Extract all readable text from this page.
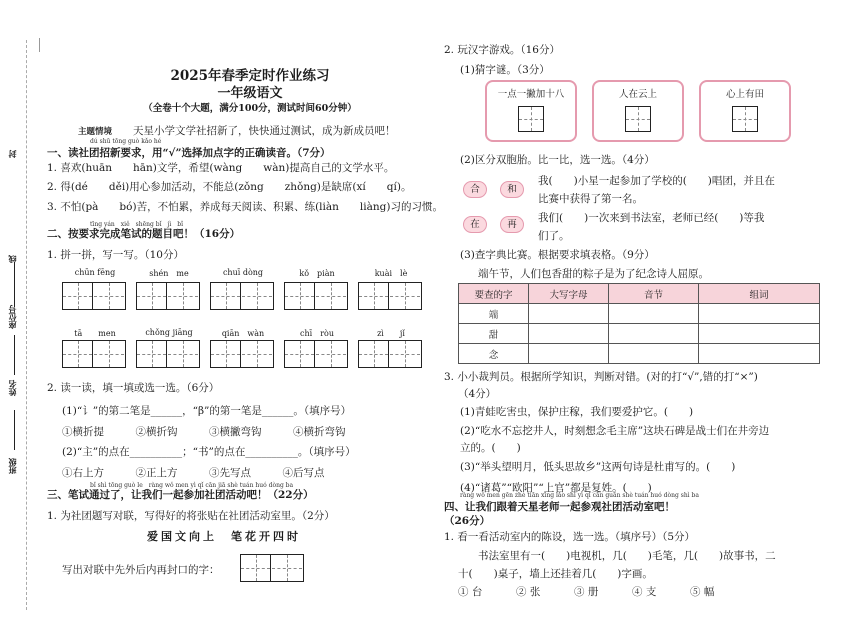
封
线
座位号
姓名
班级
2025年春季定时作业练习
一年级语文
（全卷十个大题，满分100分，测试时间60分钟）
主题情境 天星小学文学社招新了，快快通过测试，成为新成员吧！
dú shū tōng guò kǎo hé
一、读社团招新要求，用“√”选择加点字的正确读音。（7分）
1. 喜欢(huān　　hān)文学，希望(wàng　　wàn)提高自己的文学水平。
2. 得(dé　　děi)用心参加活动，不能总(zǒng　　zhǒng)是缺席(xí　　qí)。
3. 不怕(pà　　bó)苦，不怕累，养成每天阅读、积累、练(liàn　　liàng)习的习惯。
tīng yán　xiě　shēng bǐ　jì　bǐ
二、按要求完成笔试的题目吧！（16分）
1. 拼一拼，写一写。（10分）
chūn fēng	shén　me	chuī dòng	kǒ　piàn	kuài　lè
tā　　men	chǒng jiāng	qiān　wàn	chī　ròu	zì　　jǐ
2. 读一读，填一填或选一选。（6分）
(1)“讠”的第二笔是______，“β”的第一笔是______。（填序号）
①横折提　　　②横折钩　　　③横撇弯钩　　　④横折弯钩
(2)“主”的点在__________；“书”的点在__________。（填序号）
①右上方　　　②正上方　　　③先写点　　　④后写点
bǐ shì tōng guò le　ràng wǒ men yì qǐ cān jiā shè tuán huó dòng ba
三、笔试通过了，让我们一起参加社团活动吧！（22分）
1. 为社团题写对联，写得好的将张贴在社团活动室里。（2分）
爱国文向上　笔花开四时
写出对联中先外后内再封口的字：
2. 玩汉字游戏。（16分）
(1)猜字谜。（3分）
一点一撇加十八	人在云上	心上有田
(2)区分双胞胎。比一比，选一选。（4分）
合	和
我(　　)小星一起参加了学校的(　　)唱团，并且在
比赛中获得了第一名。
在	再
我们(　　)一次来到书法室，老师已经(　　)等我
们了。
(3)查字典比赛。根据要求填表格。（9分）
端午节，人们包香甜的粽子是为了纪念诗人屈原。
要查的字	大写字母	音节	组词
端			
甜			
念			
3. 小小裁判员。根据所学知识，判断对错。(对的打“√”,错的打“×”)
（4分）
(1)青蛙吃害虫，保护庄稼，我们要爱护它。(　　)
(2)“吃水不忘挖井人，时刻想念毛主席”这块石碑是战士们在井旁边
立的。(　　)
(3)“举头望明月，低头思故乡”这两句诗是杜甫写的。(　　)
(4)“诸葛”“欧阳”“上官”都是复姓。(　　)
ràng wǒ men gēn zhe tiān xīng lǎo shī yì qǐ cān guān shè tuán huó dòng shì ba
四、让我们跟着天星老师一起参观社团活动室吧！
（26分）
1. 看一看活动室内的陈设，选一选。（填序号）（5分）
书法室里有一(　　)电视机，几(　　)毛笔，几(　　)故事书，二
十(　　)桌子，墙上还挂着几(　　)字画。
① 台	② 张	③ 册	④ 支	⑤ 幅
